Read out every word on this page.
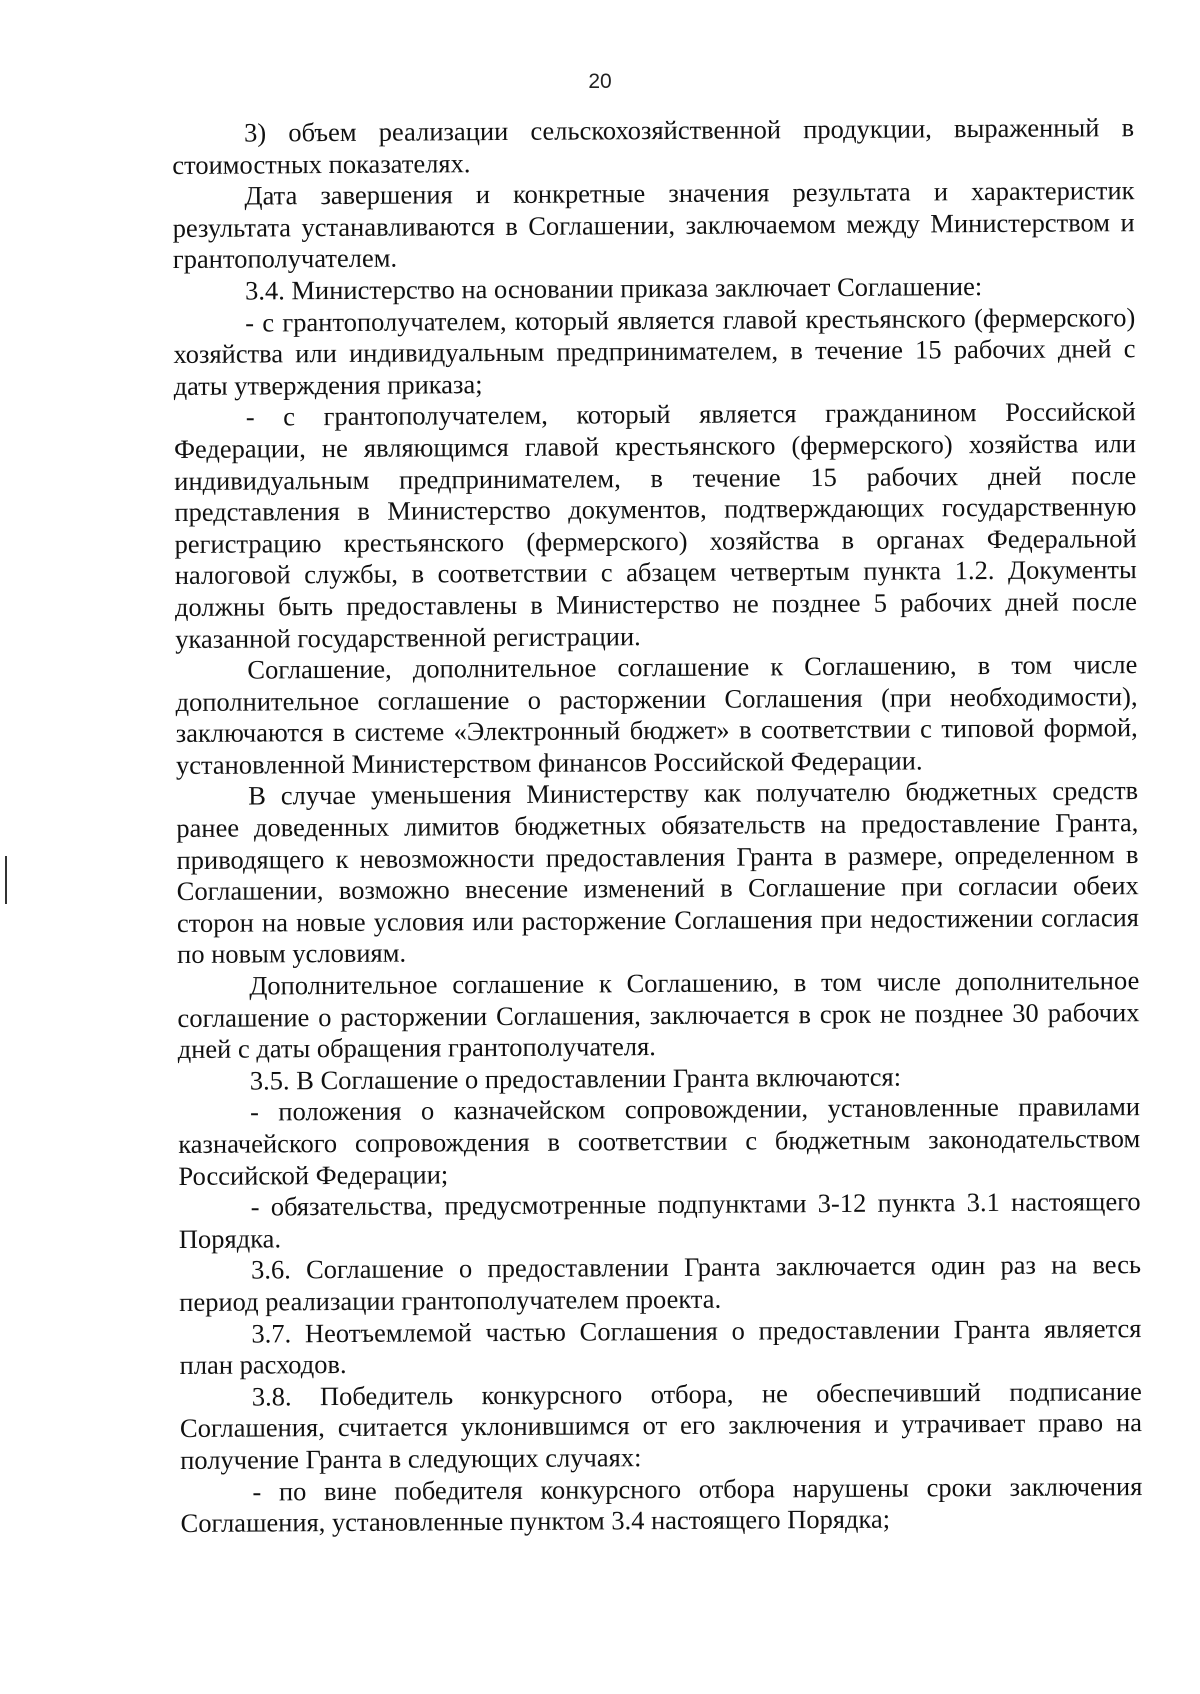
20

3) объем реализации сельскохозяйственной продукции, выраженный в стоимостных показателях.

Дата завершения и конкретные значения результата и характеристик результата устанавливаются в Соглашении, заключаемом между Министерством и грантополучателем.

3.4. Министерство на основании приказа заключает Соглашение:

- с грантополучателем, который является главой крестьянского (фермерского) хозяйства или индивидуальным предпринимателем, в течение 15 рабочих дней с даты утверждения приказа;

- с грантополучателем, который является гражданином Российской Федерации, не являющимся главой крестьянского (фермерского) хозяйства или индивидуальным предпринимателем, в течение 15 рабочих дней после представления в Министерство документов, подтверждающих государственную регистрацию крестьянского (фермерского) хозяйства в органах Федеральной налоговой службы, в соответствии с абзацем четвертым пункта 1.2. Документы должны быть предоставлены в Министерство не позднее 5 рабочих дней после указанной государственной регистрации.

Соглашение, дополнительное соглашение к Соглашению, в том числе дополнительное соглашение о расторжении Соглашения (при необходимости), заключаются в системе «Электронный бюджет» в соответствии с типовой формой, установленной Министерством финансов Российской Федерации.

В случае уменьшения Министерству как получателю бюджетных средств ранее доведенных лимитов бюджетных обязательств на предоставление Гранта, приводящего к невозможности предоставления Гранта в размере, определенном в Соглашении, возможно внесение изменений в Соглашение при согласии обеих сторон на новые условия или расторжение Соглашения при недостижении согласия по новым условиям.

Дополнительное соглашение к Соглашению, в том числе дополнительное соглашение о расторжении Соглашения, заключается в срок не позднее 30 рабочих дней с даты обращения грантополучателя.

3.5. В Соглашение о предоставлении Гранта включаются:

- положения о казначейском сопровождении, установленные правилами казначейского сопровождения в соответствии с бюджетным законодательством Российской Федерации;

- обязательства, предусмотренные подпунктами 3-12 пункта 3.1 настоящего Порядка.

3.6. Соглашение о предоставлении Гранта заключается один раз на весь период реализации грантополучателем проекта.

3.7. Неотъемлемой частью Соглашения о предоставлении Гранта является план расходов.

3.8. Победитель конкурсного отбора, не обеспечивший подписание Соглашения, считается уклонившимся от его заключения и утрачивает право на получение Гранта в следующих случаях:

- по вине победителя конкурсного отбора нарушены сроки заключения Соглашения, установленные пунктом 3.4 настоящего Порядка;
